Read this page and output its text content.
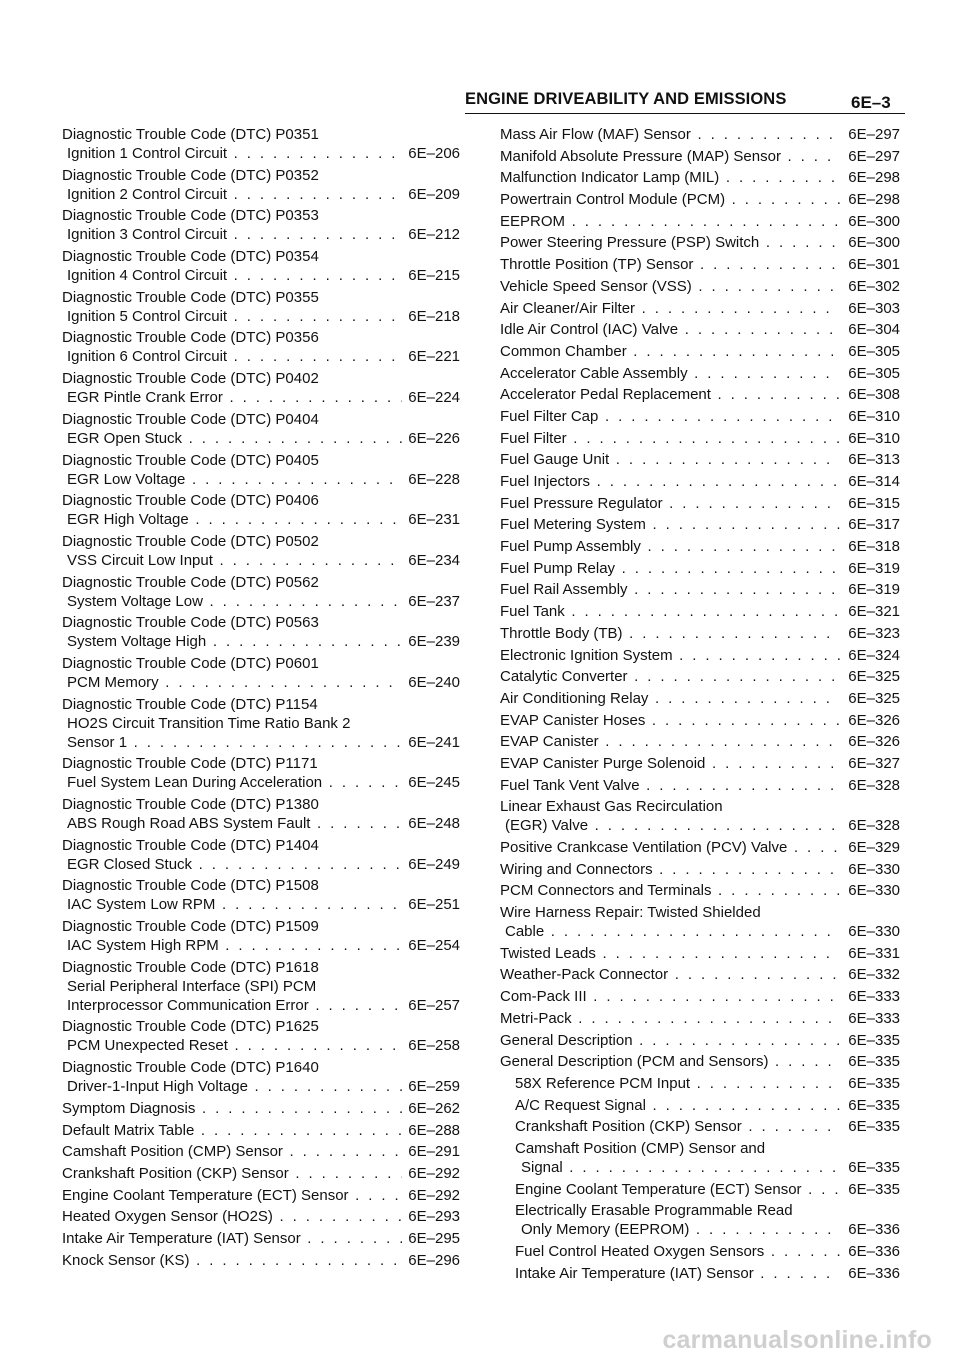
ENGINE DRIVEABILITY AND EMISSIONS	6E–3
Diagnostic Trouble Code (DTC) P0351
Ignition 1 Control Circuit . . .	6E–206
Diagnostic Trouble Code (DTC) P0352
Ignition 2 Control Circuit . . .	6E–209
Diagnostic Trouble Code (DTC) P0353
Ignition 3 Control Circuit . . .	6E–212
Diagnostic Trouble Code (DTC) P0354
Ignition 4 Control Circuit . . .	6E–215
Diagnostic Trouble Code (DTC) P0355
Ignition 5 Control Circuit . . .	6E–218
Diagnostic Trouble Code (DTC) P0356
Ignition 6 Control Circuit . . .	6E–221
Diagnostic Trouble Code (DTC) P0402
EGR Pintle Crank Error . . .	6E–224
Diagnostic Trouble Code (DTC) P0404
EGR Open Stuck . . .	6E–226
Diagnostic Trouble Code (DTC) P0405
EGR Low Voltage . . .	6E–228
Diagnostic Trouble Code (DTC) P0406
EGR High Voltage . . .	6E–231
Diagnostic Trouble Code (DTC) P0502
VSS Circuit Low Input . . .	6E–234
Diagnostic Trouble Code (DTC) P0562
System Voltage Low . . .	6E–237
Diagnostic Trouble Code (DTC) P0563
System Voltage High . . .	6E–239
Diagnostic Trouble Code (DTC) P0601
PCM Memory . . .	6E–240
Diagnostic Trouble Code (DTC) P1154
HO2S Circuit Transition Time Ratio Bank 2
Sensor 1 . . .	6E–241
Diagnostic Trouble Code (DTC) P1171
Fuel System Lean During Acceleration . . .	6E–245
Diagnostic Trouble Code (DTC) P1380
ABS Rough Road ABS System Fault . . .	6E–248
Diagnostic Trouble Code (DTC) P1404
EGR Closed Stuck . . .	6E–249
Diagnostic Trouble Code (DTC) P1508
IAC System Low RPM . . .	6E–251
Diagnostic Trouble Code (DTC) P1509
IAC System High RPM . . .	6E–254
Diagnostic Trouble Code (DTC) P1618
Serial Peripheral Interface (SPI) PCM
Interprocessor Communication Error . . .	6E–257
Diagnostic Trouble Code (DTC) P1625
PCM Unexpected Reset . . .	6E–258
Diagnostic Trouble Code (DTC) P1640
Driver-1-Input High Voltage . . .	6E–259
Symptom Diagnosis . . .	6E–262
Default Matrix Table . . .	6E–288
Camshaft Position (CMP) Sensor . . .	6E–291
Crankshaft Position (CKP) Sensor . . .	6E–292
Engine Coolant Temperature (ECT) Sensor . . .	6E–292
Heated Oxygen Sensor (HO2S) . . .	6E–293
Intake Air Temperature (IAT) Sensor . . .	6E–295
Knock Sensor (KS) . . .	6E–296
Mass Air Flow (MAF) Sensor . . .	6E–297
Manifold Absolute Pressure (MAP) Sensor . . .	6E–297
Malfunction Indicator Lamp (MIL) . . .	6E–298
Powertrain Control Module (PCM) . . .	6E–298
EEPROM . . .	6E–300
Power Steering Pressure (PSP) Switch . . .	6E–300
Throttle Position (TP) Sensor . . .	6E–301
Vehicle Speed Sensor (VSS) . . .	6E–302
Air Cleaner/Air Filter . . .	6E–303
Idle Air Control (IAC) Valve . . .	6E–304
Common Chamber . . .	6E–305
Accelerator Cable Assembly . . .	6E–305
Accelerator Pedal Replacement . . .	6E–308
Fuel Filter Cap . . .	6E–310
Fuel Filter . . .	6E–310
Fuel Gauge Unit . . .	6E–313
Fuel Injectors . . .	6E–314
Fuel Pressure Regulator . . .	6E–315
Fuel Metering System . . .	6E–317
Fuel Pump Assembly . . .	6E–318
Fuel Pump Relay . . .	6E–319
Fuel Rail Assembly . . .	6E–319
Fuel Tank . . .	6E–321
Throttle Body (TB) . . .	6E–323
Electronic Ignition System . . .	6E–324
Catalytic Converter . . .	6E–325
Air Conditioning Relay . . .	6E–325
EVAP Canister Hoses . . .	6E–326
EVAP Canister . . .	6E–326
EVAP Canister Purge Solenoid . . .	6E–327
Fuel Tank Vent Valve . . .	6E–328
Linear Exhaust Gas Recirculation
(EGR) Valve . . .	6E–328
Positive Crankcase Ventilation (PCV) Valve . . .	6E–329
Wiring and Connectors . . .	6E–330
PCM Connectors and Terminals . . .	6E–330
Wire Harness Repair: Twisted Shielded
Cable . . .	6E–330
Twisted Leads . . .	6E–331
Weather-Pack Connector . . .	6E–332
Com-Pack III . . .	6E–333
Metri-Pack . . .	6E–333
General Description . . .	6E–335
General Description (PCM and Sensors) . . .	6E–335
58X Reference PCM Input . . .	6E–335
A/C Request Signal . . .	6E–335
Crankshaft Position (CKP) Sensor . . .	6E–335
Camshaft Position (CMP) Sensor and
Signal . . .	6E–335
Engine Coolant Temperature (ECT) Sensor . . .	6E–335
Electrically Erasable Programmable Read
Only Memory (EEPROM) . . .	6E–336
Fuel Control Heated Oxygen Sensors . . .	6E–336
Intake Air Temperature (IAT) Sensor . . .	6E–336
carmanualsonline.info
